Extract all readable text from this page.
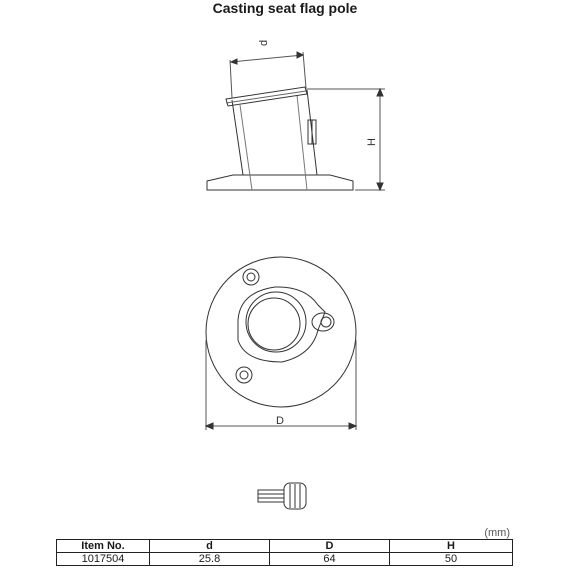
Casting seat flag pole
d
H
D
(mm)
Item No.	d	D	H
1017504	25.8	64	50
